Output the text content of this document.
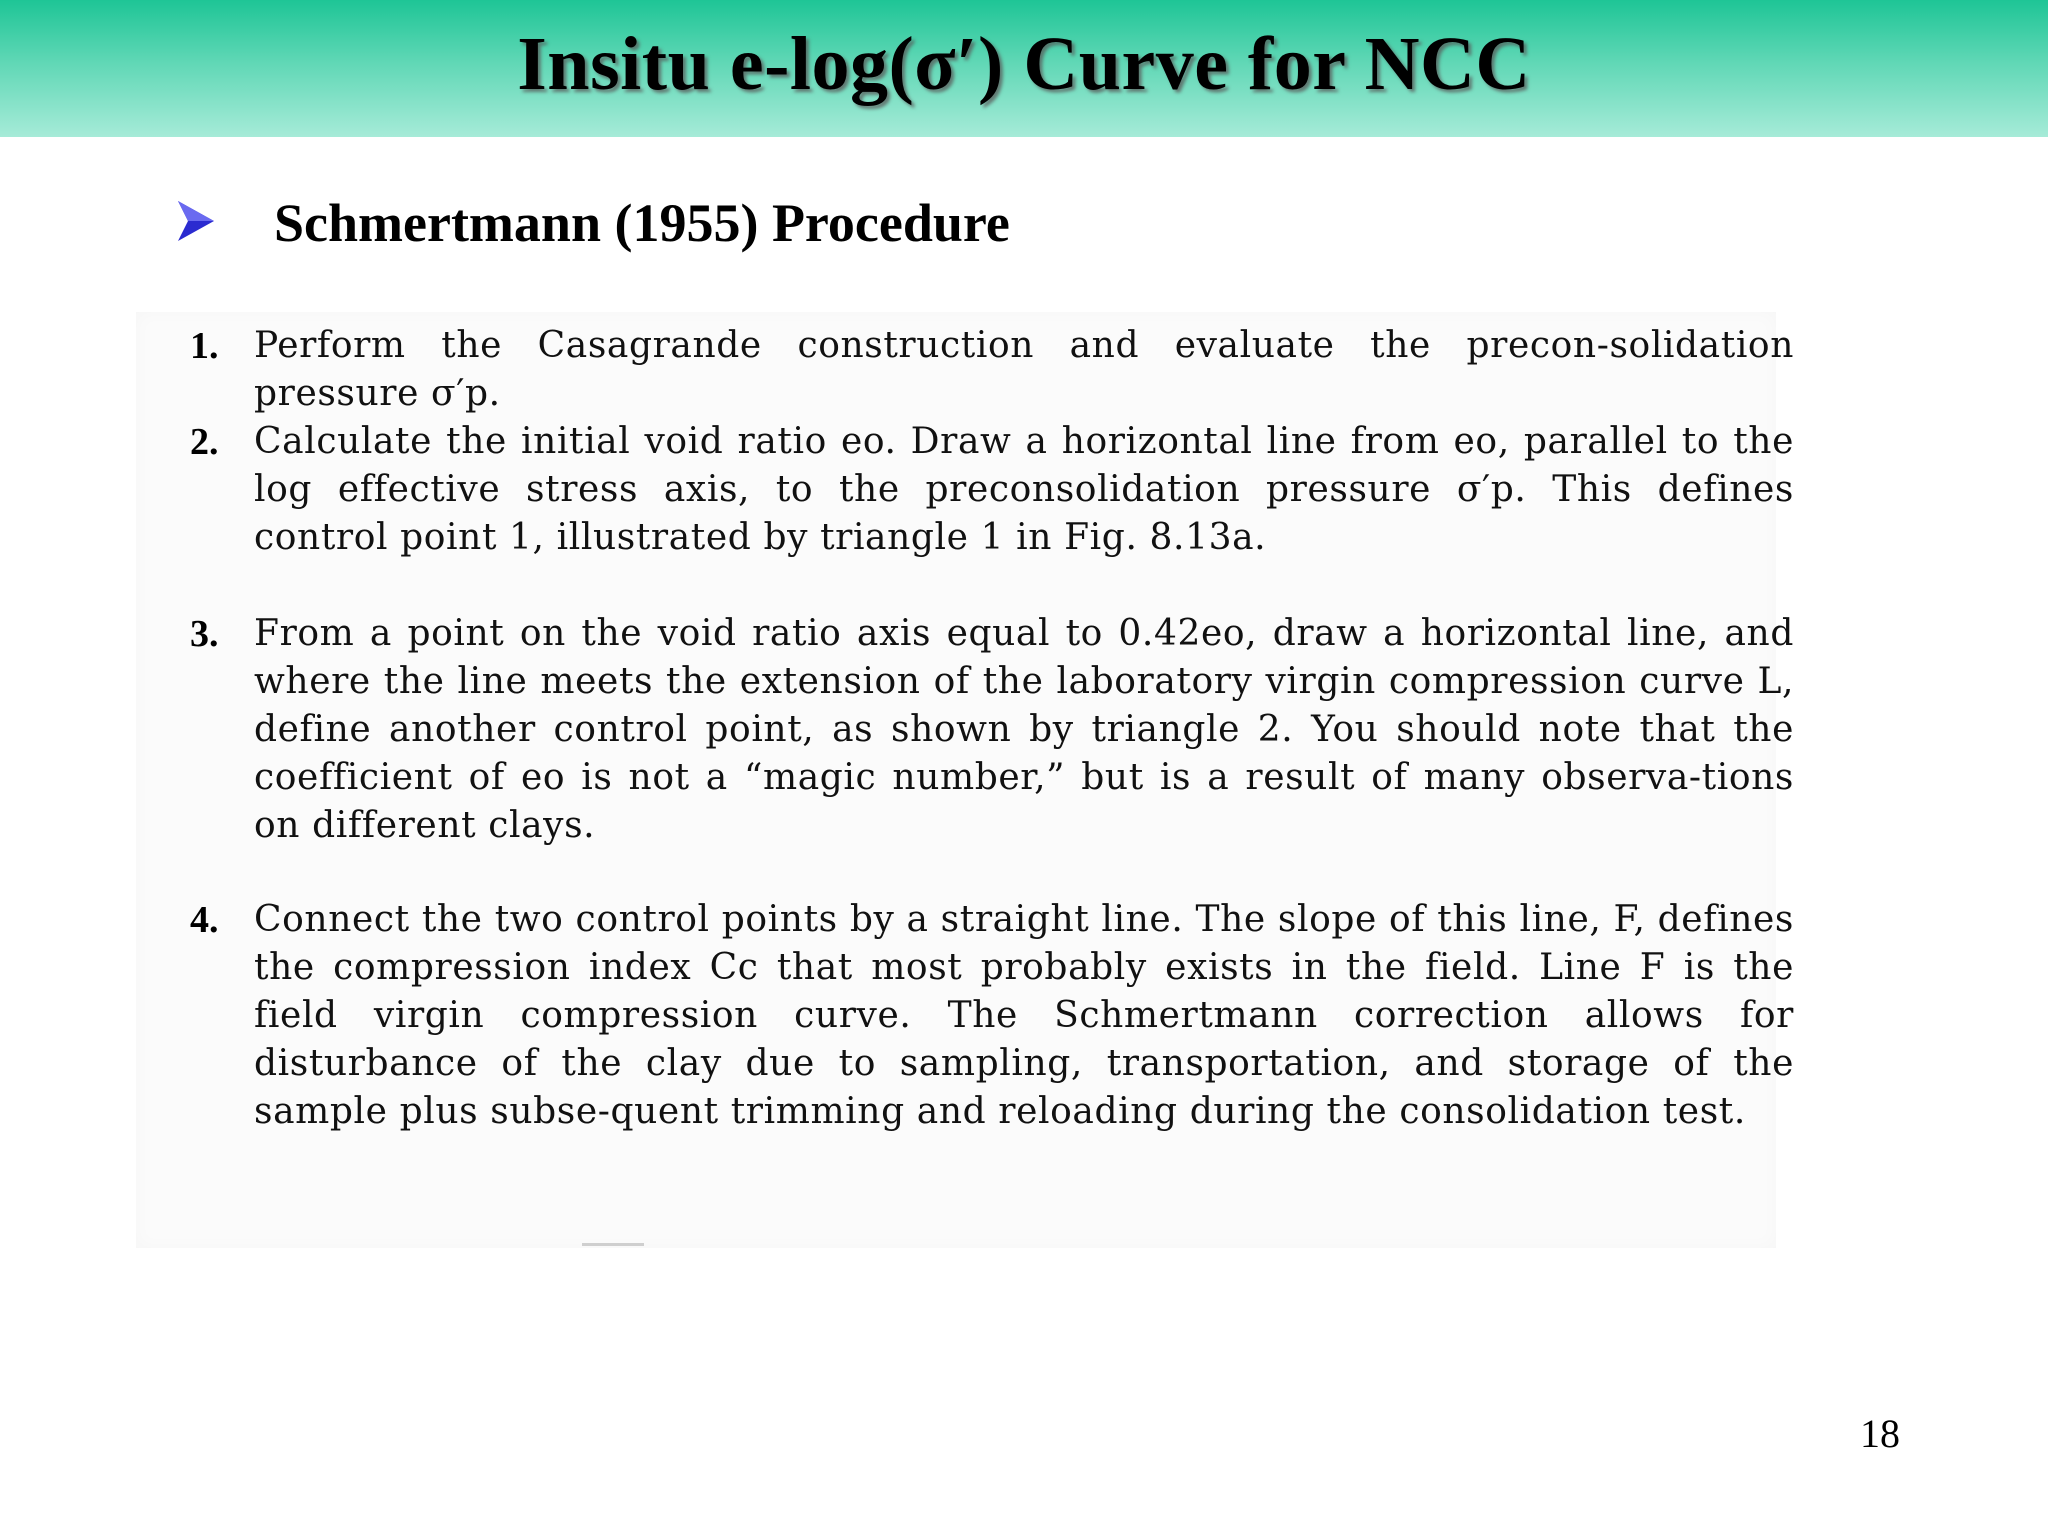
Insitu e-log(σ′) Curve for NCC
Schmertmann (1955) Procedure
1. Perform the Casagrande construction and evaluate the precon-solidation pressure σ′p.
2. Calculate the initial void ratio eo. Draw a horizontal line from eo, parallel to the log effective stress axis, to the preconsolidation pressure σ′p. This defines control point 1, illustrated by triangle 1 in Fig. 8.13a.
3. From a point on the void ratio axis equal to 0.42eo, draw a horizontal line, and where the line meets the extension of the laboratory virgin compression curve L, define another control point, as shown by triangle 2. You should note that the coefficient of eo is not a “magic number,” but is a result of many observa-tions on different clays.
4. Connect the two control points by a straight line. The slope of this line, F, defines the compression index Cc that most probably exists in the field. Line F is the field virgin compression curve. The Schmertmann correction allows for disturbance of the clay due to sampling, transportation, and storage of the sample plus subse-quent trimming and reloading during the consolidation test.
18
